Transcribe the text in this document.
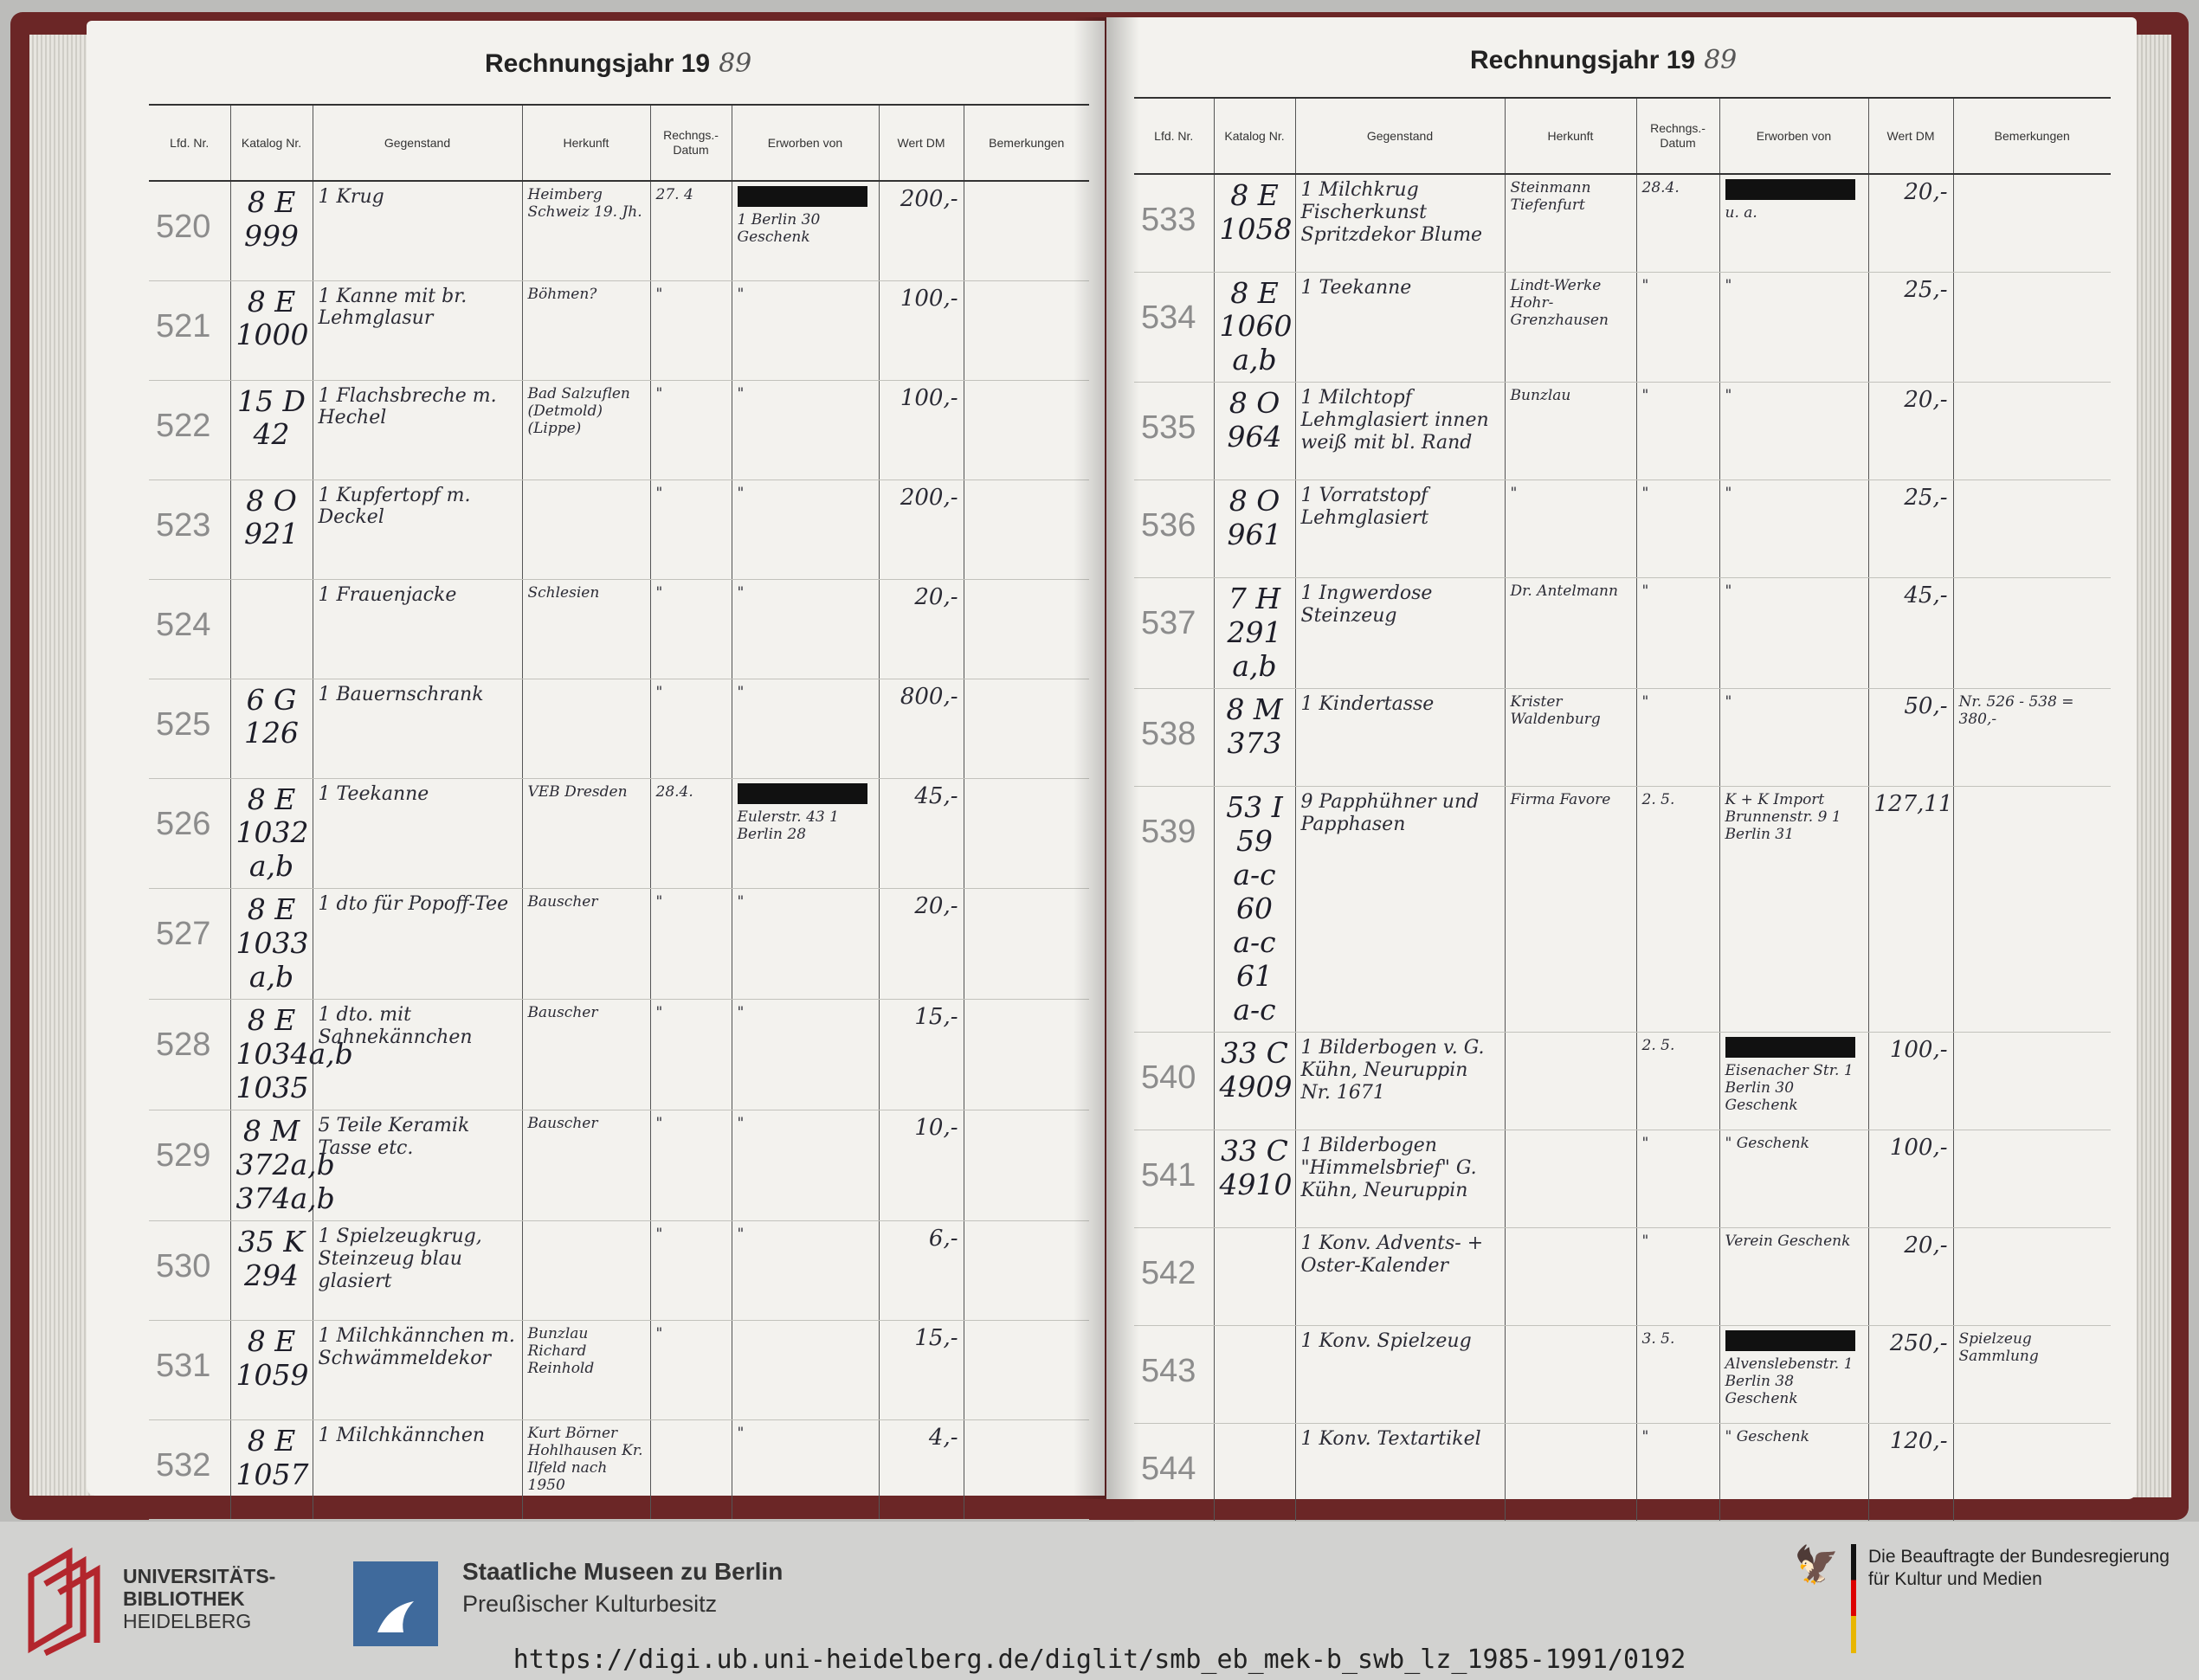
Rechnungsjahr 19 89
Lfd. Nr.	Katalog Nr.	Gegenstand	Herkunft	Rechngs.- Datum	Erworben von	Wert DM	Bemerkungen
520	8 E 999	1 Krug	Heimberg Schweiz 19. Jh.	27. 4	1 Berlin 30 Geschenk	200,-	
521	8 E 1000	1 Kanne mit br. Lehmglasur	Böhmen?	"	"	100,-	
522	15 D 42	1 Flachsbreche m. Hechel	Bad Salzuflen (Detmold) (Lippe)	"	"	100,-	
523	8 O 921	1 Kupfertopf m. Deckel		"	"	200,-	
524		1 Frauenjacke	Schlesien	"	"	20,-	
525	6 G 126	1 Bauernschrank		"	"	800,-	
526	8 E 1032 a,b	1 Teekanne	VEB Dresden	28.4.	Eulerstr. 43 1 Berlin 28	45,-	
527	8 E 1033 a,b	1 dto für Popoff-Tee	Bauscher	"	"	20,-	
528	8 E 1034a,b 1035	1 dto. mit Sahnekännchen	Bauscher	"	"	15,-	
529	8 M 372a,b 374a,b	5 Teile Keramik Tasse etc.	Bauscher	"	"	10,-	
530	35 K 294	1 Spielzeugkrug, Steinzeug blau glasiert		"	"	6,-	
531	8 E 1059	1 Milchkännchen m. Schwämmeldekor	Bunzlau Richard Reinhold	"		15,-	
532	8 E 1057	1 Milchkännchen	Kurt Börner Hohlhausen Kr. Ilfeld nach 1950		"	4,-	
Rechnungsjahr 19 89
Lfd. Nr.	Katalog Nr.	Gegenstand	Herkunft	Rechngs.- Datum	Erworben von	Wert DM	Bemerkungen
533	8 E 1058	1 Milchkrug Fischerkunst Spritzdekor Blume	Steinmann Tiefenfurt	28.4.	u. a.	20,-	
534	8 E 1060 a,b	1 Teekanne	Lindt-Werke Hohr-Grenzhausen	"	"	25,-	
535	8 O 964	1 Milchtopf Lehmglasiert innen weiß mit bl. Rand	Bunzlau	"	"	20,-	
536	8 O 961	1 Vorratstopf Lehmglasiert	"	"	"	25,-	
537	7 H 291 a,b	1 Ingwerdose Steinzeug	Dr. Antelmann	"	"	45,-	
538	8 M 373	1 Kindertasse	Krister Waldenburg	"	"	50,-	Nr. 526 - 538 = 380,-
539	53 I 59 a-c 60 a-c 61 a-c	9 Papphühner und Papphasen	Firma Favore	2. 5.	K + K Import Brunnenstr. 9 1 Berlin 31	127,11	
540	33 C 4909	1 Bilderbogen v. G. Kühn, Neuruppin Nr. 1671		2. 5.	Eisenacher Str. 1 Berlin 30 Geschenk	100,-	
541	33 C 4910	1 Bilderbogen "Himmelsbrief" G. Kühn, Neuruppin		"	" Geschenk	100,-	
542		1 Konv. Advents- + Oster-Kalender		"	Verein Geschenk	20,-	
543		1 Konv. Spielzeug		3. 5.	Alvenslebenstr. 1 Berlin 38 Geschenk	250,-	Spielzeug Sammlung
544		1 Konv. Textartikel		"	" Geschenk	120,-	

UNIVERSITÄTS-
BIBLIOTHEK
HEIDELBERG
Staatliche Museen zu Berlin
Preußischer Kulturbesitz
🦅 Die Beauftragte der Bundesregierung
für Kultur und Medien
https://digi.ub.uni-heidelberg.de/diglit/smb_eb_mek-b_swb_lz_1985-1991/0192
